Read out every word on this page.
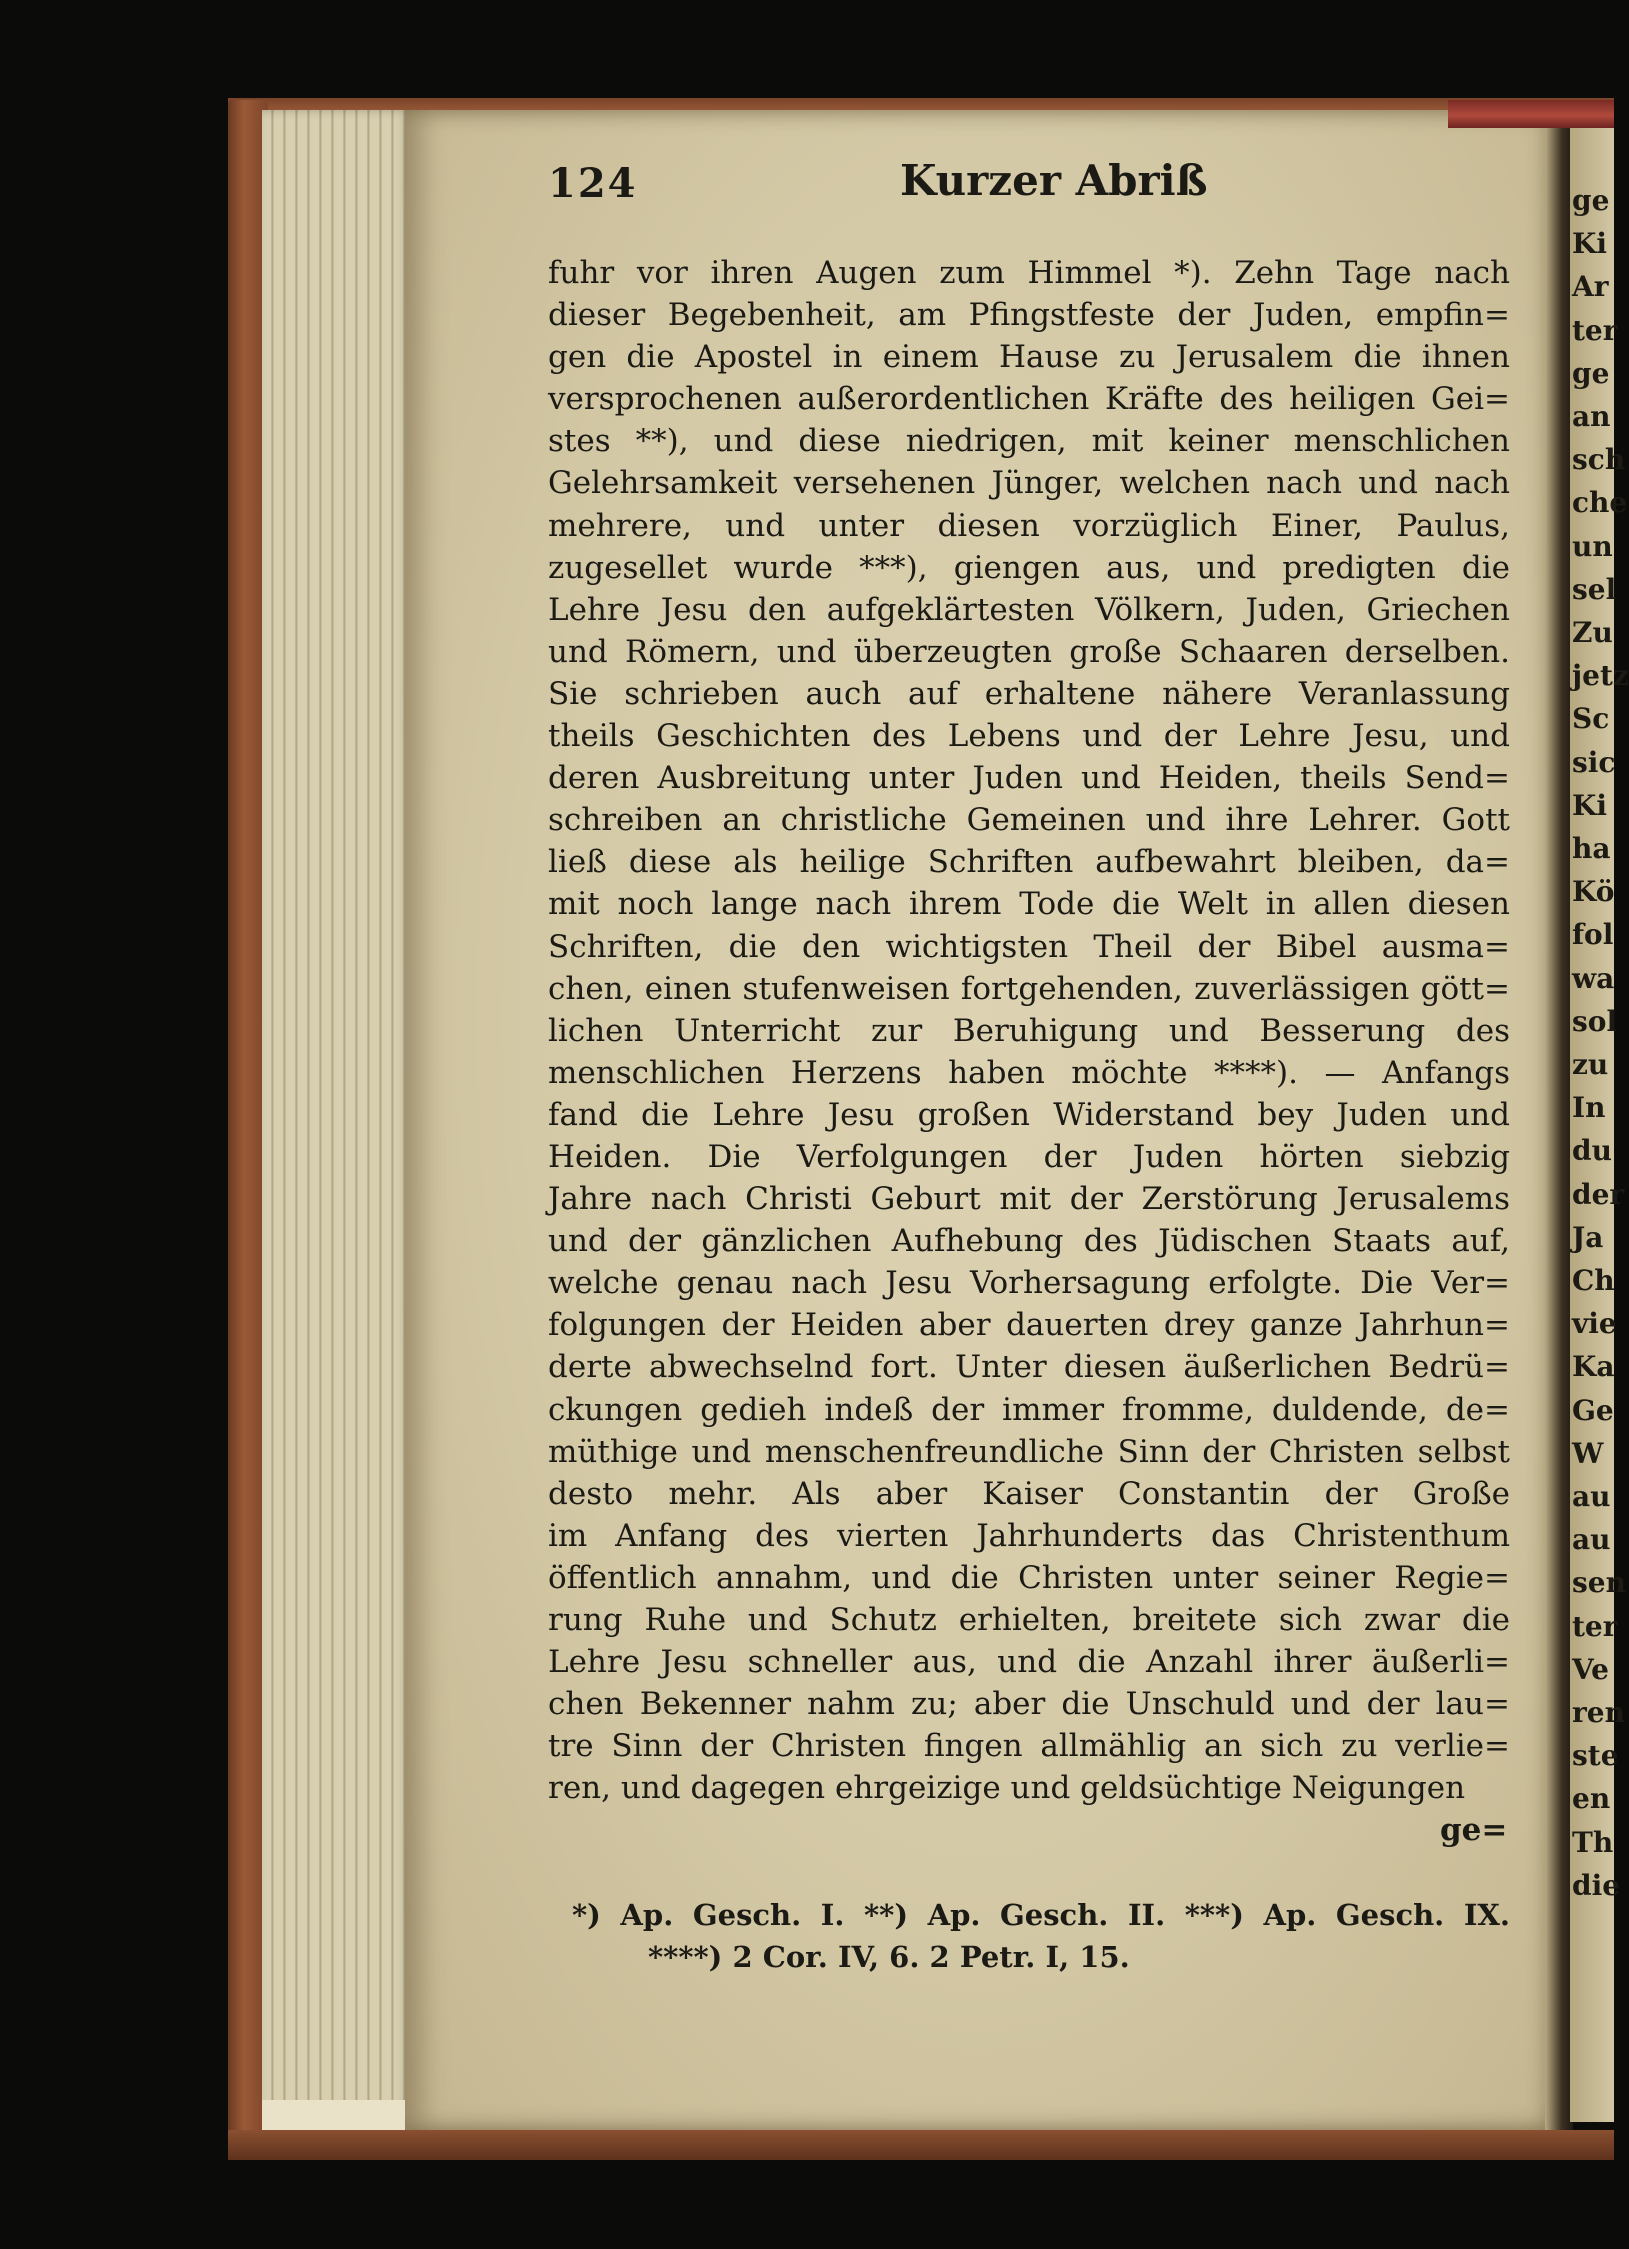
ge
Ki
Ar
ter
ge
an
sch
che
un
sel
Zu
jetz
Sc
sic
Ki
ha
Kö
fol
wa
sol
zu
In
du
der
Ja
Ch
vie
Ka
Ge
W
au
au
sen
ter
Ve
ren
ste
en
Th
die
124	Kurzer Abriß
fuhr vor ihren Augen zum Himmel *). Zehn Tage nach
dieser Begebenheit, am Pfingstfeste der Juden, empfin=
gen die Apostel in einem Hause zu Jerusalem die ihnen
versprochenen außerordentlichen Kräfte des heiligen Gei=
stes **), und diese niedrigen, mit keiner menschlichen
Gelehrsamkeit versehenen Jünger, welchen nach und nach
mehrere, und unter diesen vorzüglich Einer, Paulus,
zugesellet wurde ***), giengen aus, und predigten die
Lehre Jesu den aufgeklärtesten Völkern, Juden, Griechen
und Römern, und überzeugten große Schaaren derselben.
Sie schrieben auch auf erhaltene nähere Veranlassung
theils Geschichten des Lebens und der Lehre Jesu, und
deren Ausbreitung unter Juden und Heiden, theils Send=
schreiben an christliche Gemeinen und ihre Lehrer. Gott
ließ diese als heilige Schriften aufbewahrt bleiben, da=
mit noch lange nach ihrem Tode die Welt in allen diesen
Schriften, die den wichtigsten Theil der Bibel ausma=
chen, einen stufenweisen fortgehenden, zuverlässigen gött=
lichen Unterricht zur Beruhigung und Besserung des
menschlichen Herzens haben möchte ****). — Anfangs
fand die Lehre Jesu großen Widerstand bey Juden und
Heiden. Die Verfolgungen der Juden hörten siebzig
Jahre nach Christi Geburt mit der Zerstörung Jerusalems
und der gänzlichen Aufhebung des Jüdischen Staats auf,
welche genau nach Jesu Vorhersagung erfolgte. Die Ver=
folgungen der Heiden aber dauerten drey ganze Jahrhun=
derte abwechselnd fort. Unter diesen äußerlichen Bedrü=
ckungen gedieh indeß der immer fromme, duldende, de=
müthige und menschenfreundliche Sinn der Christen selbst
desto mehr. Als aber Kaiser Constantin der Große
im Anfang des vierten Jahrhunderts das Christenthum
öffentlich annahm, und die Christen unter seiner Regie=
rung Ruhe und Schutz erhielten, breitete sich zwar die
Lehre Jesu schneller aus, und die Anzahl ihrer äußerli=
chen Bekenner nahm zu; aber die Unschuld und der lau=
tre Sinn der Christen fingen allmählig an sich zu verlie=
ren, und dagegen ehrgeizige und geldsüchtige Neigungen
ge=
*) Ap. Gesch. I. **) Ap. Gesch. II. ***) Ap. Gesch. IX.
****) 2 Cor. IV, 6. 2 Petr. I, 15.
